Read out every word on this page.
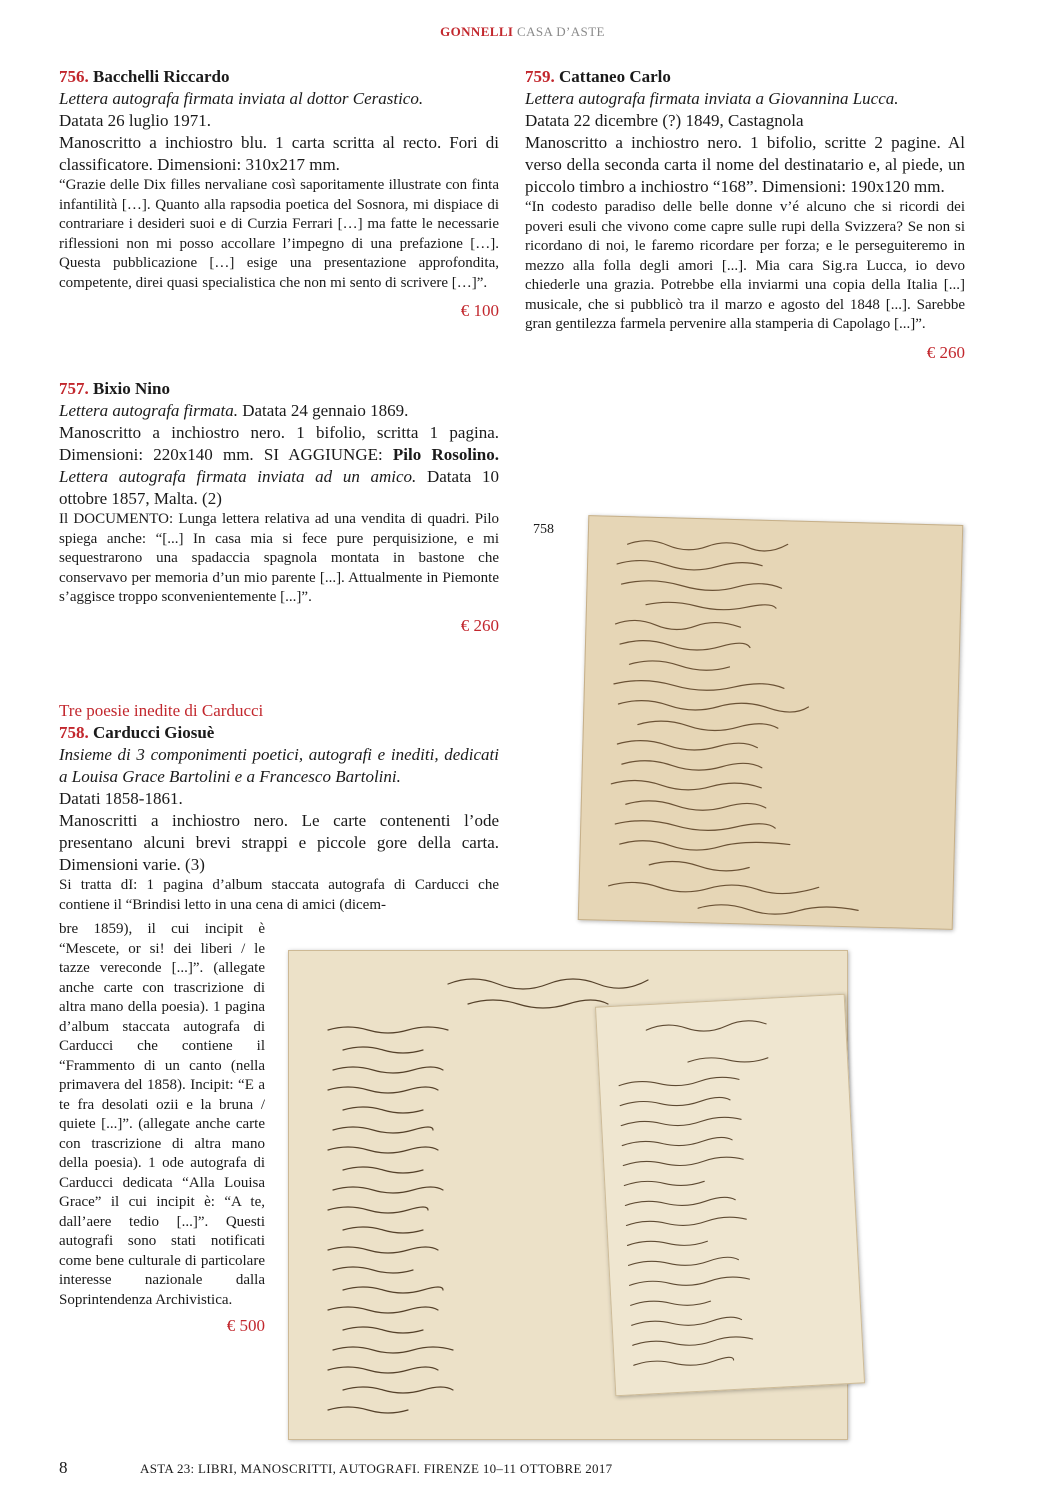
GONNELLI CASA D’ASTE
756. Bacchelli Riccardo

Lettera autografa firmata inviata al dottor Cerastico.

Datata 26 luglio 1971.

Manoscritto a inchiostro blu. 1 carta scritta al recto. Fori di classificatore. Dimensioni: 310x217 mm.

“Grazie delle Dix filles nervaliane così saporitamente illustrate con finta infantilità […]. Quanto alla rapsodia poetica del Sosnora, mi dispiace di contrariare i desideri suoi e di Curzia Ferrari […] ma fatte le necessarie riflessioni non mi posso accollare l’impegno di una prefazione […]. Questa pubblicazione […] esige una presentazione approfondita, competente, direi quasi specialistica che non mi sento di scrivere […]”.

€ 100
757. Bixio Nino

Lettera autografa firmata. Datata 24 gennaio 1869.

Manoscritto a inchiostro nero. 1 bifolio, scritta 1 pagina. Dimensioni: 220x140 mm. SI AGGIUNGE: Pilo Rosolino. Lettera autografa firmata inviata ad un amico. Datata 10 ottobre 1857, Malta. (2)

Il DOCUMENTO: Lunga lettera relativa ad una vendita di quadri. Pilo spiega anche: “[...] In casa mia si fece pure perquisizione, e mi sequestrarono una spadaccia spagnola montata in bastone che conservavo per memoria d’un mio parente [...]. Attualmente in Piemonte s’aggisce troppo sconvenientemente [...]”.

€ 260
Tre poesie inedite di Carducci
758. Carducci Giosuè

Insieme di 3 componimenti poetici, autografi e inediti, dedicati a Louisa Grace Bartolini e a Francesco Bartolini.

Datati 1858-1861.

Manoscritti a inchiostro nero. Le carte contenenti l’ode presentano alcuni brevi strappi e piccole gore della carta. Dimensioni varie. (3)

Si tratta dI: 1 pagina d’album staccata autografa di Carducci che contiene il “Brindisi letto in una cena di amici (dicem-

bre 1859), il cui incipit è “Mescete, or si! dei liberi / le tazze vereconde [...]”. (allegate anche carte con trascrizione di altra mano della poesia). 1 pagina d’album staccata autografa di Carducci che contiene il “Frammento di un canto (nella primavera del 1858). Incipit: “E a te fra desolati ozii e la bruna / quiete [...]”. (allegate anche carte con trascrizione di altra mano della poesia). 1 ode autografa di Carducci dedicata “Alla Louisa Grace” il cui incipit è: “A te, dall’aere tedio [...]”. Questi autografi sono stati notificati come bene culturale di particolare interesse nazionale dalla Soprintendenza Archivistica.

€ 500
759. Cattaneo Carlo

Lettera autografa firmata inviata a Giovannina Lucca.

Datata 22 dicembre (?) 1849, Castagnola

Manoscritto a inchiostro nero. 1 bifolio, scritte 2 pagine. Al verso della seconda carta il nome del destinatario e, al piede, un piccolo timbro a inchiostro “168”. Dimensioni: 190x120 mm.

“In codesto paradiso delle belle donne v’é alcuno che si ricordi dei poveri esuli che vivono come capre sulle rupi della Svizzera? Se non si ricordano di noi, le faremo ricordare per forza; e le perseguiteremo in mezzo alla folla degli amori [...]. Mia cara Sig.ra Lucca, io devo chiederle una grazia. Potrebbe ella inviarmi una copia della Italia [...] musicale, che si pubblicò tra il marzo e agosto del 1848 [...]. Sarebbe gran gentilezza farmela pervenire alla stamperia di Capolago [...]”.

€ 260
758
8	ASTA 23: LIBRI, MANOSCRITTI, AUTOGRAFI. FIRENZE 10–11 OTTOBRE 2017
